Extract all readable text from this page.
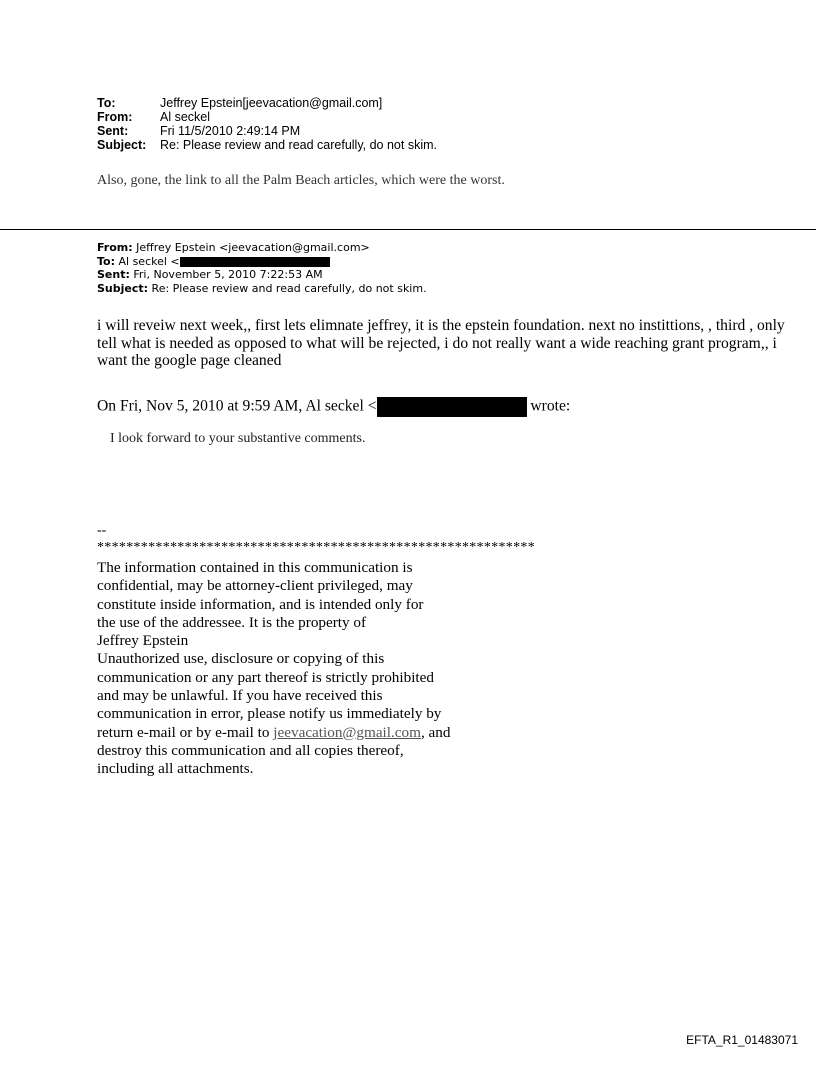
To:	Jeffrey Epstein[jeevacation@gmail.com]
From:	Al seckel
Sent:	Fri 11/5/2010 2:49:14 PM
Subject:	Re: Please review and read carefully, do not skim.
Also, gone, the link to all the Palm Beach articles, which were the worst.
From: Jeffrey Epstein <jeevacation@gmail.com>
To: Al seckel <
Sent: Fri, November 5, 2010 7:22:53 AM
Subject: Re: Please review and read carefully, do not skim.
i will reveiw next week,, first lets elimnate jeffrey, it is the epstein foundation. next no instittions, , third , only tell what is needed as opposed to what will be rejected, i do not really want a wide reaching grant program,, i want the google page cleaned
On Fri, Nov 5, 2010 at 9:59 AM, Al seckel <	wrote:
I look forward to your substantive comments.
--
************************************************************
The information contained in this communication is
confidential, may be attorney-client privileged, may
constitute inside information, and is intended only for
the use of the addressee. It is the property of
Jeffrey Epstein
Unauthorized use, disclosure or copying of this
communication or any part thereof is strictly prohibited
and may be unlawful. If you have received this
communication in error, please notify us immediately by
return e-mail or by e-mail to jeevacation@gmail.com, and
destroy this communication and all copies thereof,
including all attachments.
EFTA_R1_01483071
